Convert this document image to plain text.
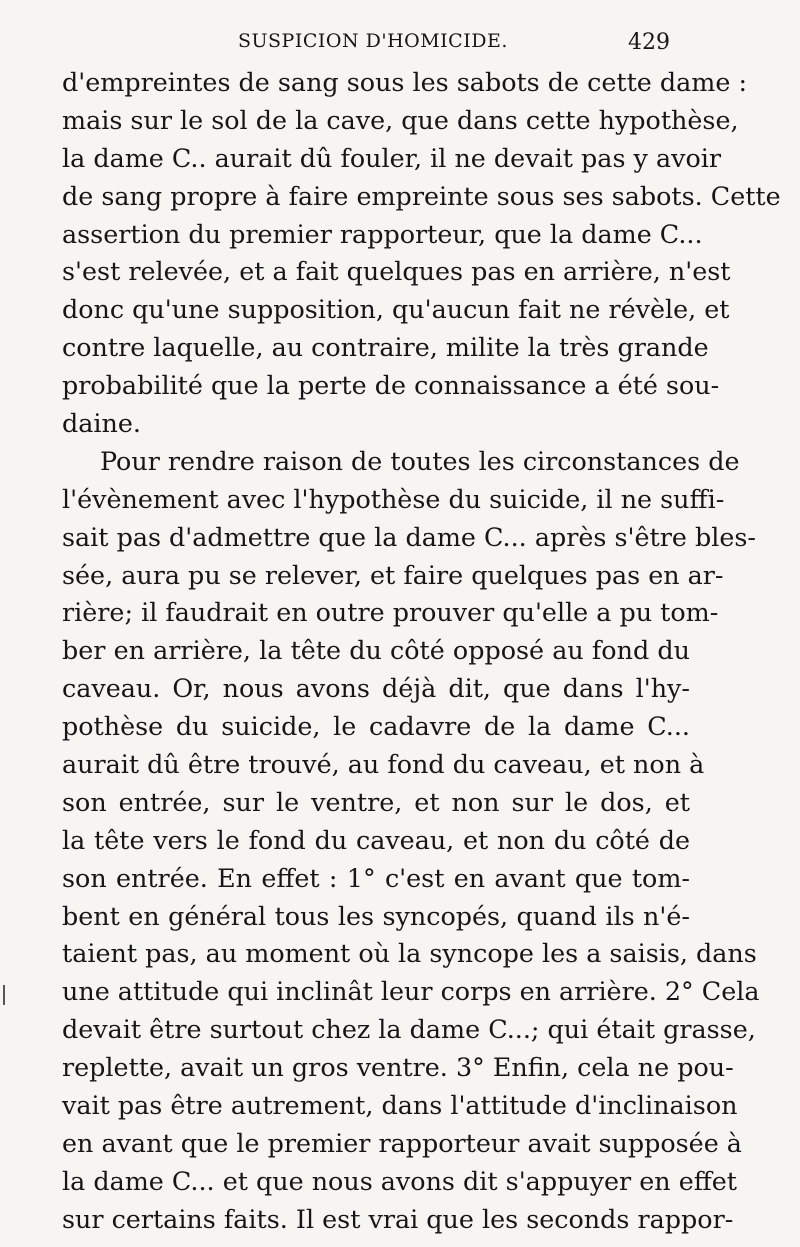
SUSPICION D'HOMICIDE.	429
d'empreintes de sang sous les sabots de cette dame :
mais sur le sol de la cave, que dans cette hypothèse,
la dame C.. aurait dû fouler, il ne devait pas y avoir
de sang propre à faire empreinte sous ses sabots. Cette
assertion du premier rapporteur, que la dame C...
s'est relevée, et a fait quelques pas en arrière, n'est
donc qu'une supposition, qu'aucun fait ne révèle, et
contre laquelle, au contraire, milite la très grande
probabilité que la perte de connaissance a été sou-
daine.
Pour rendre raison de toutes les circonstances de
l'évènement avec l'hypothèse du suicide, il ne suffi-
sait pas d'admettre que la dame C... après s'être bles-
sée, aura pu se relever, et faire quelques pas en ar-
rière; il faudrait en outre prouver qu'elle a pu tom-
ber en arrière, la tête du côté opposé au fond du
caveau. Or, nous avons déjà dit, que dans l'hy-
pothèse du suicide, le cadavre de la dame C...
aurait dû être trouvé, au fond du caveau, et non à
son entrée, sur le ventre, et non sur le dos, et
la tête vers le fond du caveau, et non du côté de
son entrée. En effet : 1° c'est en avant que tom-
bent en général tous les syncopés, quand ils n'é-
taient pas, au moment où la syncope les a saisis, dans
une attitude qui inclinât leur corps en arrière. 2° Cela
devait être surtout chez la dame C...; qui était grasse,
replette, avait un gros ventre. 3° Enfin, cela ne pou-
vait pas être autrement, dans l'attitude d'inclinaison
en avant que le premier rapporteur avait supposée à
la dame C... et que nous avons dit s'appuyer en effet
sur certains faits. Il est vrai que les seconds rappor-
